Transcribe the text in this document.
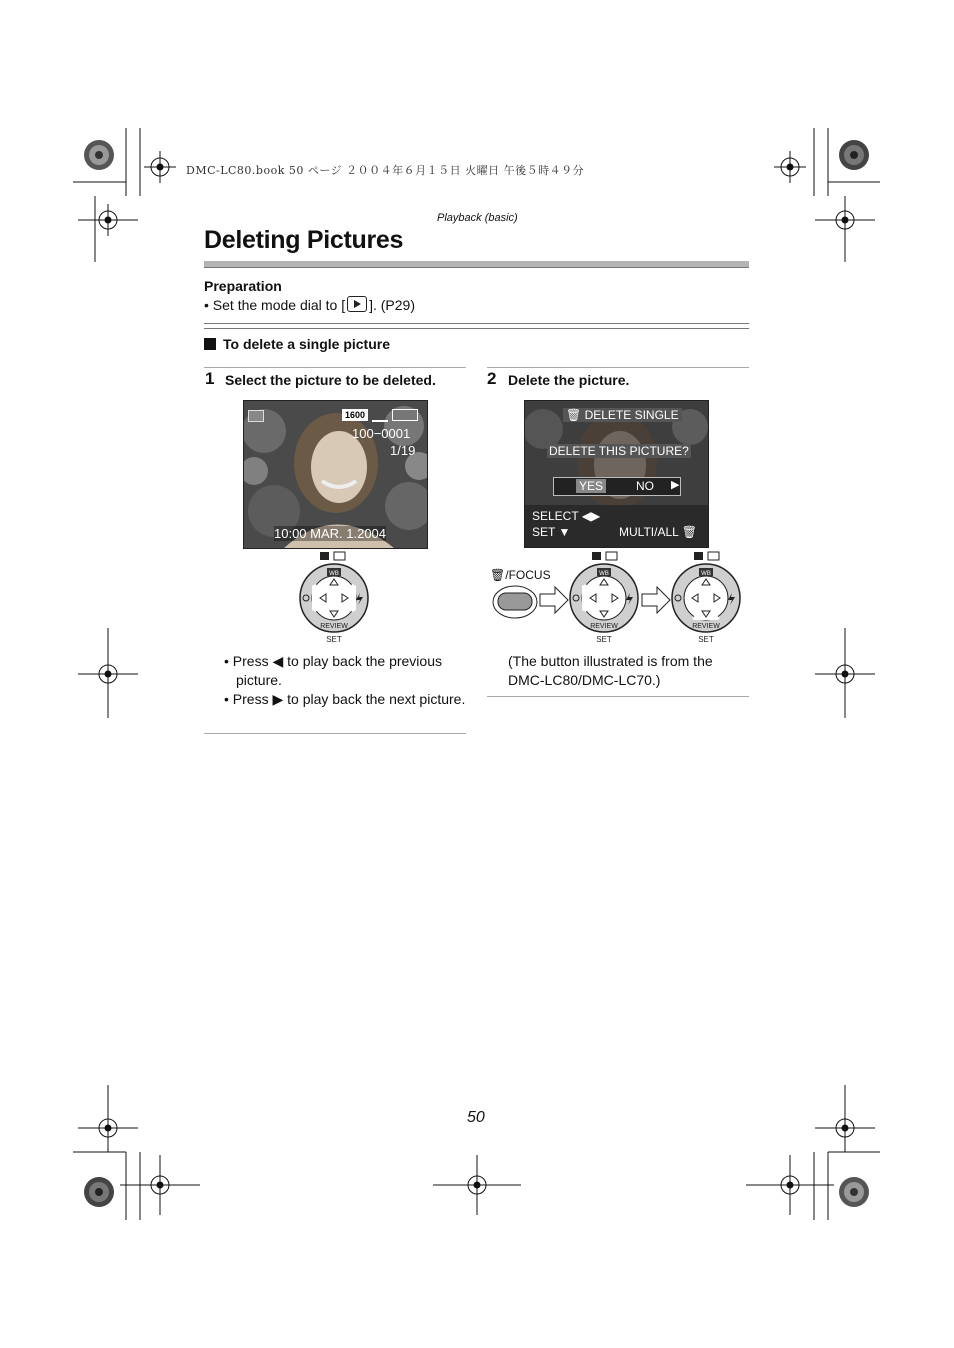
DMC-LC80.book 50 ページ ２００４年６月１５日 火曜日 午後５時４９分
Playback (basic)
Deleting Pictures
Preparation
• Set the mode dial to [ ]. (P29)
To delete a single picture
1 Select the picture to be deleted.
1600
100−0001
1/19
10:00 MAR. 1.2004
WB
REVIEW
SET
• Press ◀ to play back the previous picture.
• Press ▶ to play back the next picture.
2 Delete the picture.
🗑 DELETE SINGLE
DELETE THIS PICTURE?
YES	NO ▶
SELECT ◀▶
SET ▼	MULTI/ALL 🗑
🗑/FOCUS	WB
REVIEW
SET
WB
REVIEW
SET
(The button illustrated is from the DMC-LC80/DMC-LC70.)
50
